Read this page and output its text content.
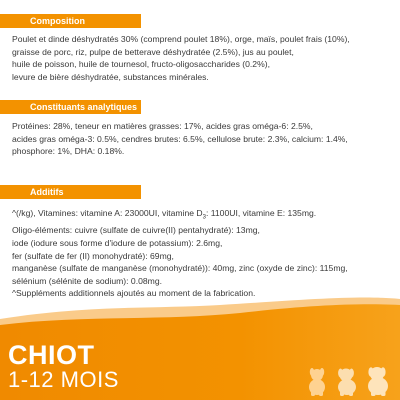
Composition

Poulet et dinde déshydratés 30% (comprend poulet 18%), orge, maïs, poulet frais (10%),

graisse de porc, riz, pulpe de betterave déshydratée (2.5%), jus au poulet,

huile de poisson, huile de tournesol, fructo-oligosaccharides (0.2%),

levure de bière déshydratée, substances minérales.

Constituants analytiques

Protéines: 28%, teneur en matières grasses: 17%, acides gras oméga-6: 2.5%,

acides gras oméga-3: 0.5%, cendres brutes: 6.5%, cellulose brute: 2.3%, calcium: 1.4%,

phosphore: 1%, DHA: 0.18%.

Additifs

^(/kg), Vitamines: vitamine A: 23000UI, vitamine $D_3$: 1100UI, vitamine E: 135mg.

Oligo-éléments: cuivre (sulfate de cuivre(II) pentahydraté): 13mg,

iode (iodure sous forme d'iodure de potassium): 2.6mg,

fer (sulfate de fer (II) monohydraté): 69mg,

manganèse (sulfate de manganèse (monohydraté)): 40mg, zinc (oxyde de zinc): 115mg,

sélénium (sélénite de sodium): 0.08mg.

^Suppléments additionnels ajoutés au moment de la fabrication.

CHIOT
1-12 MOIS
